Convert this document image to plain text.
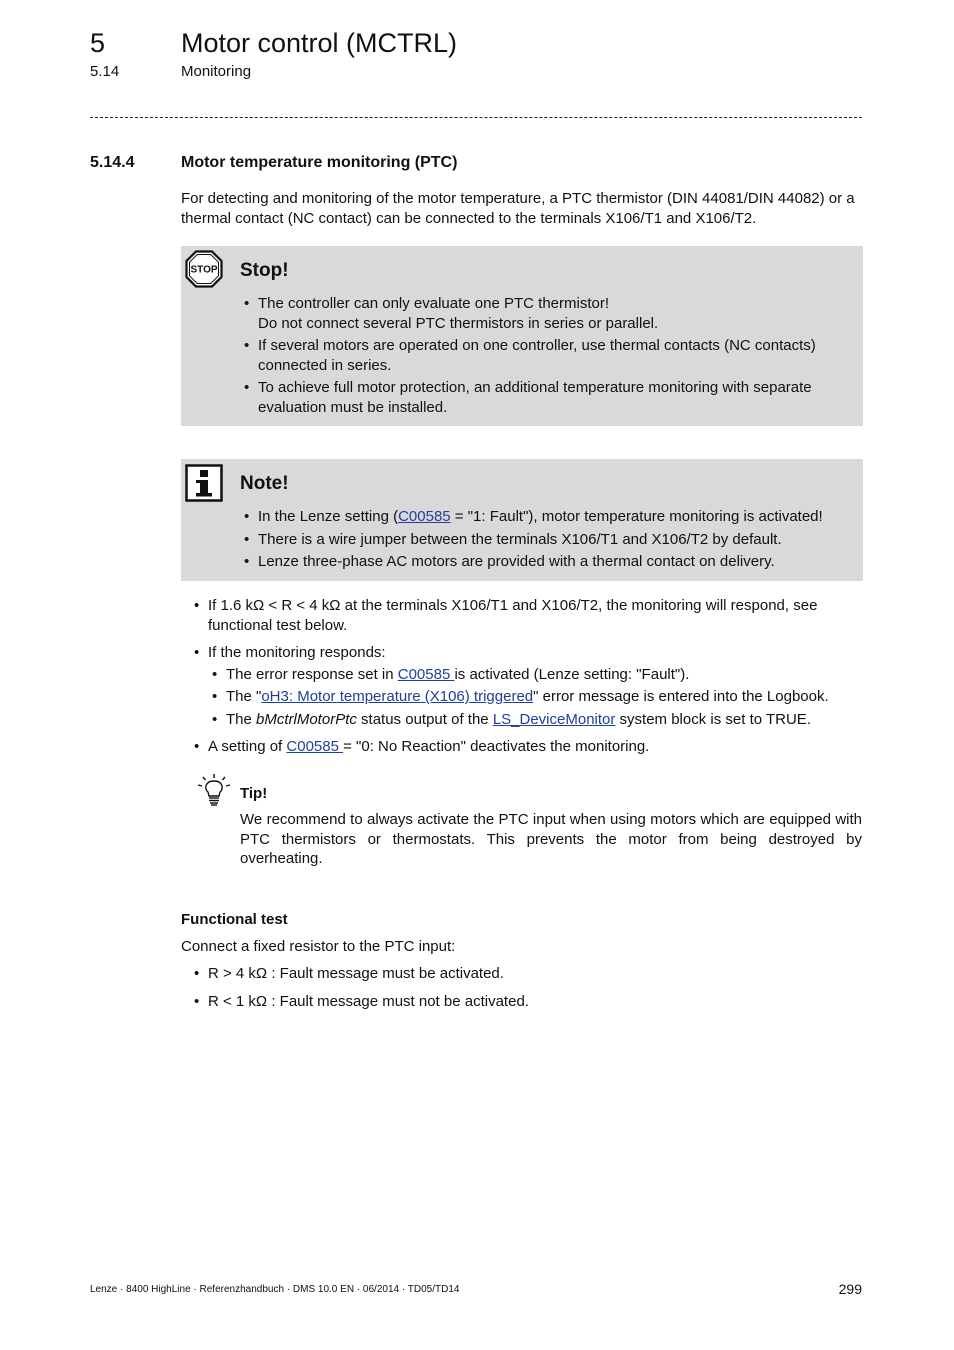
5	Motor control (MCTRL)
5.14	Monitoring
5.14.4	Motor temperature monitoring (PTC)
For detecting and monitoring of the motor temperature, a PTC thermistor (DIN 44081/DIN 44082) or a thermal contact (NC contact) can be connected to the terminals X106/T1 and X106/T2.
STOP Stop!
• The controller can only evaluate one PTC thermistor!
Do not connect several PTC thermistors in series or parallel.
• If several motors are operated on one controller, use thermal contacts (NC contacts) connected in series.
• To achieve full motor protection, an additional temperature monitoring with separate evaluation must be installed.
Note!
• In the Lenze setting (C00585 = "1: Fault"), motor temperature monitoring is activated!
• There is a wire jumper between the terminals X106/T1 and X106/T2 by default.
• Lenze three-phase AC motors are provided with a thermal contact on delivery.
• If 1.6 kΩ < R < 4 kΩ at the terminals X106/T1 and X106/T2, the monitoring will respond, see functional test below.
• If the monitoring responds:
• The error response set in C00585 is activated (Lenze setting: "Fault").
• The "oH3: Motor temperature (X106) triggered" error message is entered into the Logbook.
• The bMctrlMotorPtc status output of the LS_DeviceMonitor system block is set to TRUE.
• A setting of C00585 = "0: No Reaction" deactivates the monitoring.
Tip!
We recommend to always activate the PTC input when using motors which are equipped with PTC thermistors or thermostats. This prevents the motor from being destroyed by overheating.
Functional test
Connect a fixed resistor to the PTC input:
• R > 4 kΩ : Fault message must be activated.
• R < 1 kΩ : Fault message must not be activated.
Lenze · 8400 HighLine · Referenzhandbuch · DMS 10.0 EN · 06/2014 · TD05/TD14	299
